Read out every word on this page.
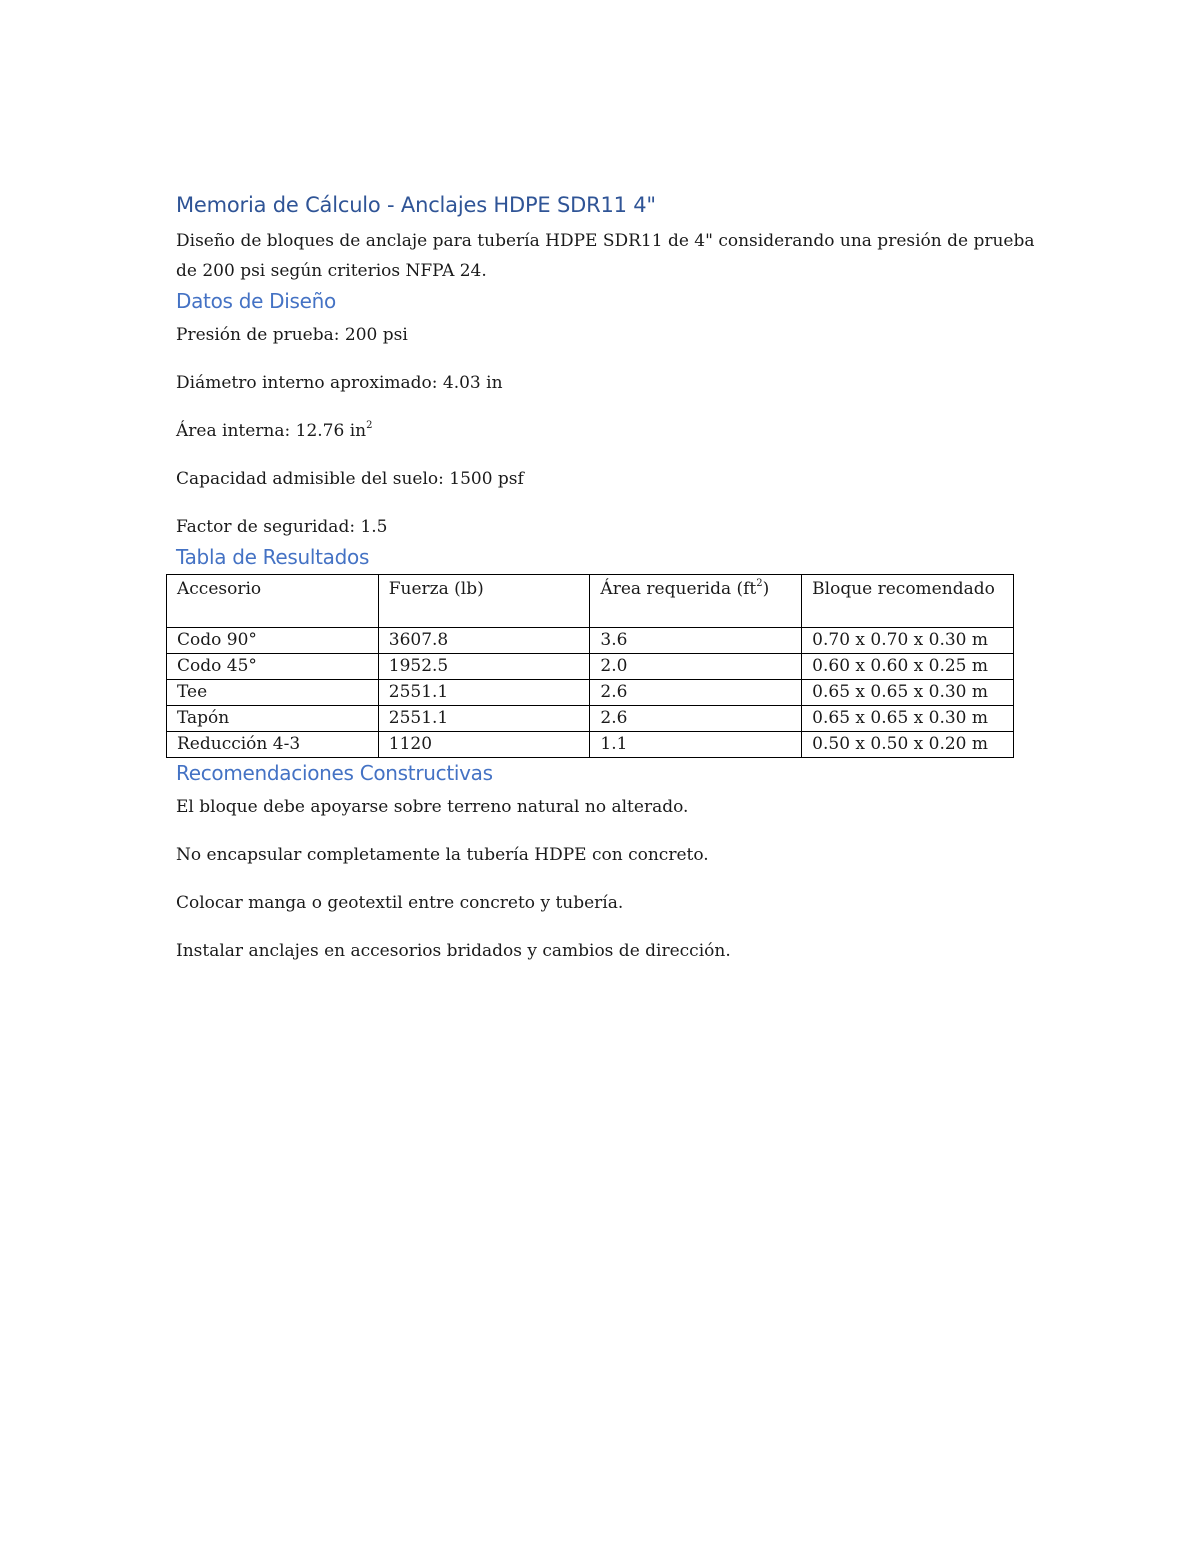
Memoria de Cálculo - Anclajes HDPE SDR11 4"

Diseño de bloques de anclaje para tubería HDPE SDR11 de 4" considerando una presión de prueba de 200 psi según criterios NFPA 24.

Datos de Diseño

Presión de prueba: 200 psi

Diámetro interno aproximado: 4.03 in

Área interna: 12.76 $in^2$

Capacidad admisible del suelo: 1500 psf

Factor de seguridad: 1.5

Tabla de Resultados
Accesorio	Fuerza (lb)	Área requerida $(ft^2)$	Bloque recomendado
Codo 90°	3607.8	3.6	0.70 x 0.70 x 0.30 m
Codo 45°	1952.5	2.0	0.60 x 0.60 x 0.25 m
Tee	2551.1	2.6	0.65 x 0.65 x 0.30 m
Tapón	2551.1	2.6	0.65 x 0.65 x 0.30 m
Reducción 4-3	1120	1.1	0.50 x 0.50 x 0.20 m
Recomendaciones Constructivas

El bloque debe apoyarse sobre terreno natural no alterado.

No encapsular completamente la tubería HDPE con concreto.

Colocar manga o geotextil entre concreto y tubería.

Instalar anclajes en accesorios bridados y cambios de dirección.
